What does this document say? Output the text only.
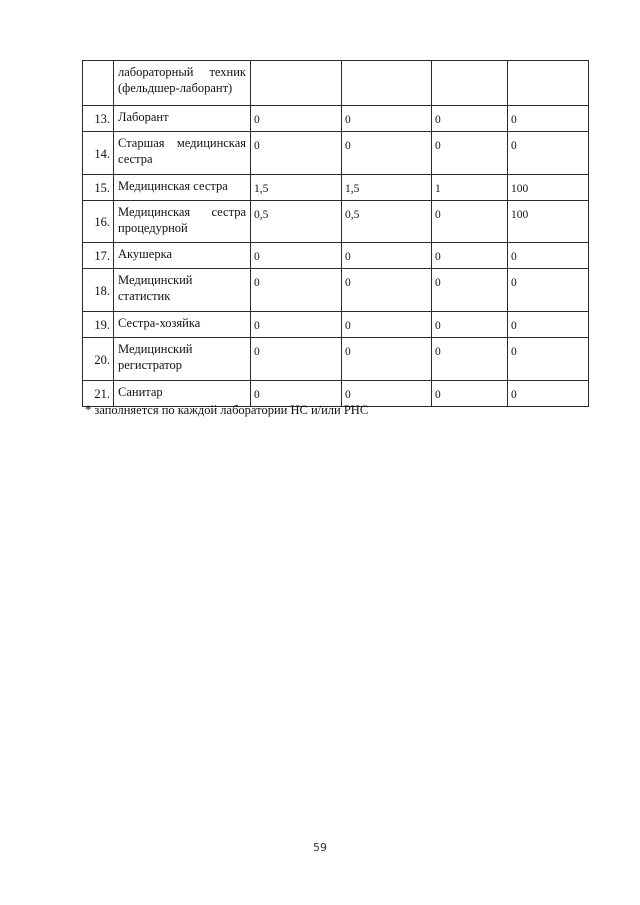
	лабораторный техник (фельдшер-лаборант)				
13.	Лаборант	0	0	0	0
14.	Старшая медицинская сестра	0	0	0	0
15.	Медицинская сестра	1,5	1,5	1	100
16.	Медицинская сестра процедурной	0,5	0,5	0	100
17.	Акушерка	0	0	0	0
18.	Медицинский статистик	0	0	0	0
19.	Сестра-хозяйка	0	0	0	0
20.	Медицинский регистратор	0	0	0	0
21.	Санитар	0	0	0	0

* заполняется по каждой лаборатории НС и/или РНС

59
